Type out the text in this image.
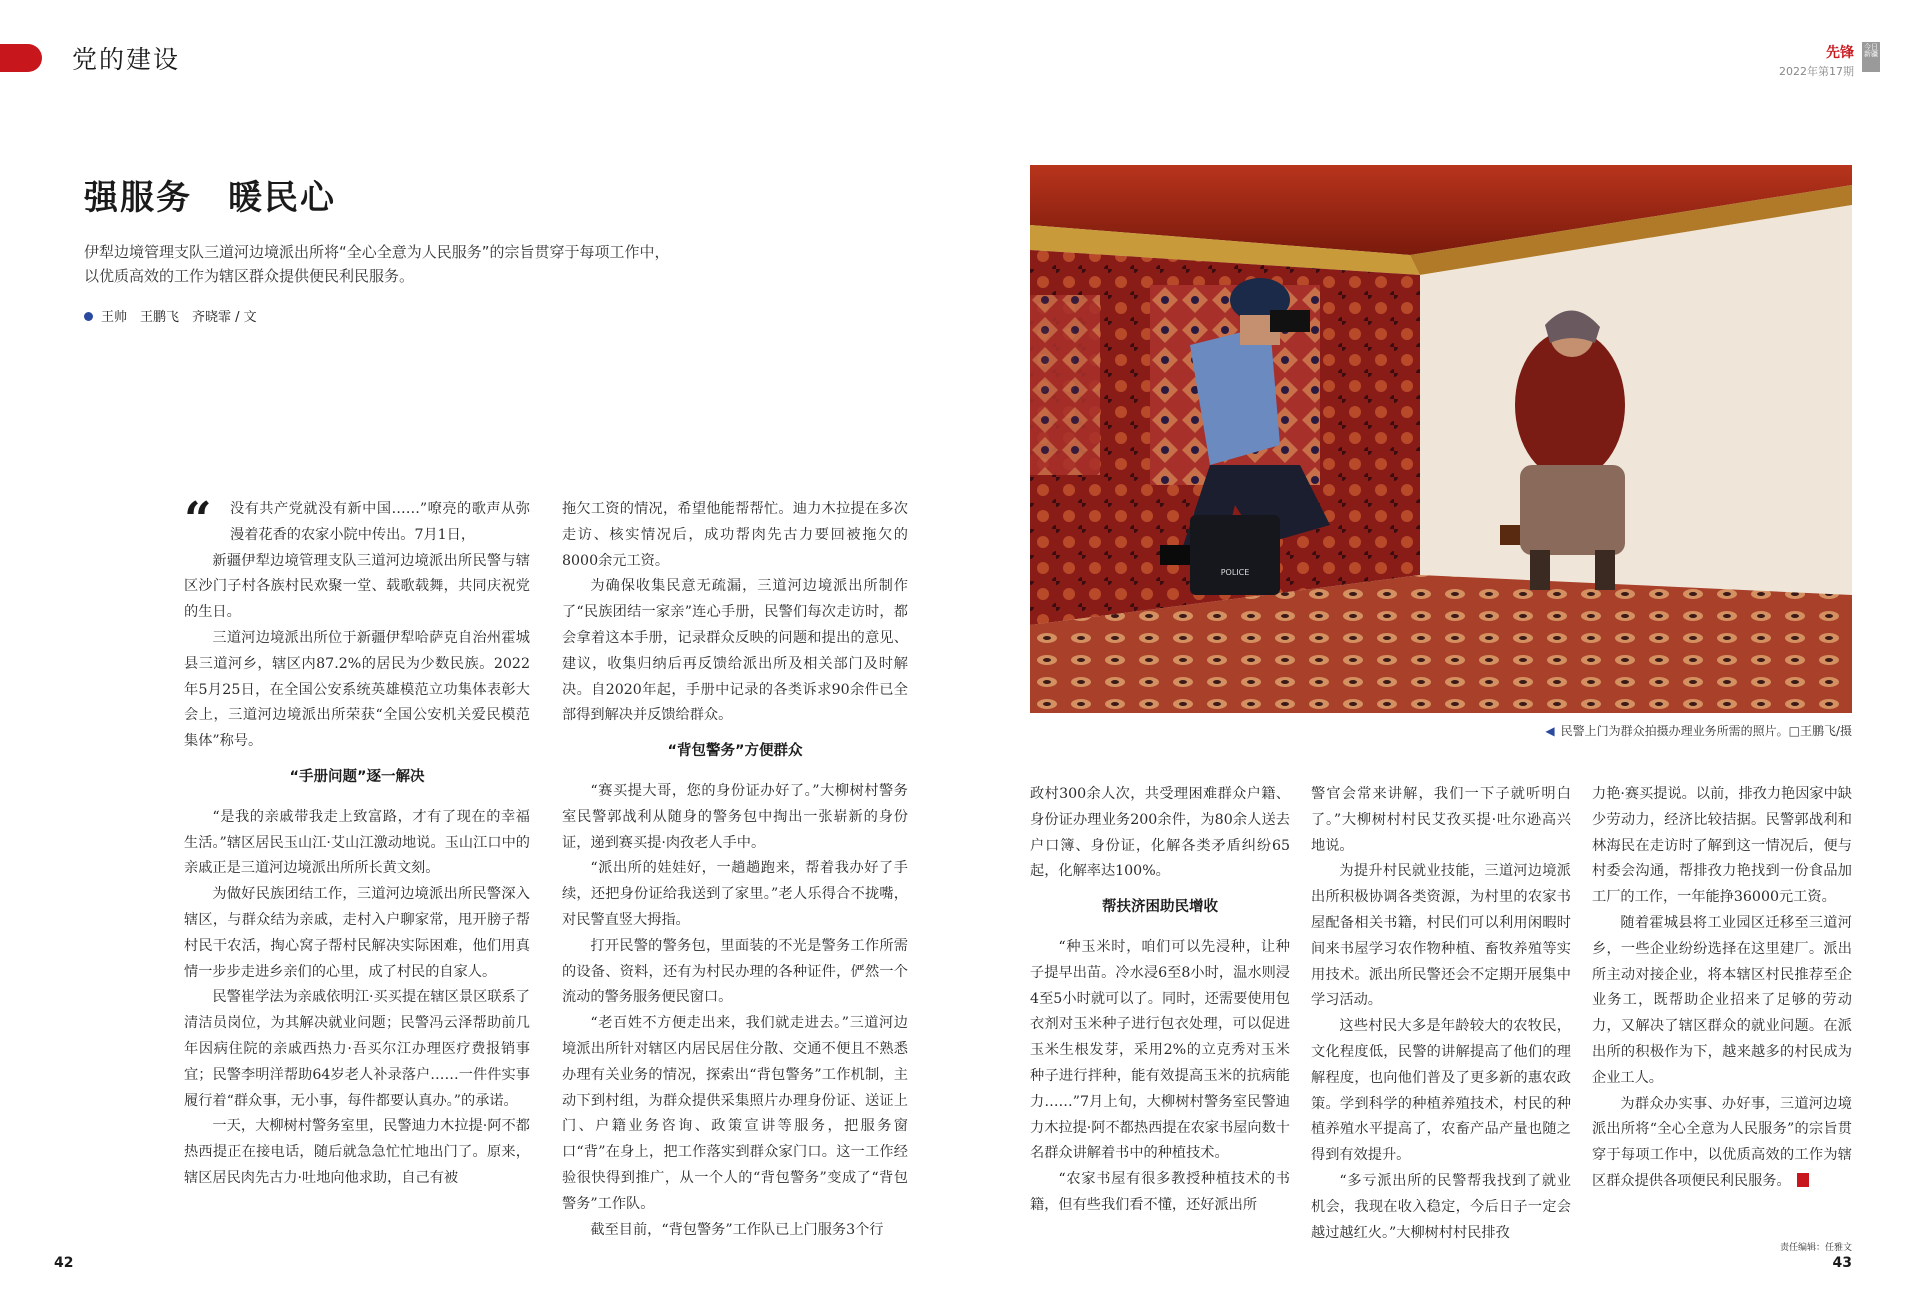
党的建设	先锋
2022年第17期
今日新疆
强服务　暖民心
伊犁边境管理支队三道河边境派出所将“全心全意为人民服务”的宗旨贯穿于每项工作中，以优质高效的工作为辖区群众提供便民利民服务。
王帅　王鹏飞　齐晓霏 / 文
“	没有共产党就没有新中国……”嘹亮的歌声从弥漫着花香的农家小院中传出。7月1日，

新疆伊犁边境管理支队三道河边境派出所民警与辖区沙门子村各族村民欢聚一堂、载歌载舞，共同庆祝党的生日。

三道河边境派出所位于新疆伊犁哈萨克自治州霍城县三道河乡，辖区内87.2%的居民为少数民族。2022年5月25日，在全国公安系统英雄模范立功集体表彰大会上，三道河边境派出所荣获“全国公安机关爱民模范集体”称号。

“手册问题”逐一解决

“是我的亲戚带我走上致富路，才有了现在的幸福生活。”辖区居民玉山江·艾山江激动地说。玉山江口中的亲戚正是三道河边境派出所所长黄文刻。

为做好民族团结工作，三道河边境派出所民警深入辖区，与群众结为亲戚，走村入户聊家常，甩开膀子帮村民干农活，掏心窝子帮村民解决实际困难，他们用真情一步步走进乡亲们的心里，成了村民的自家人。

民警崔学法为亲戚依明江·买买提在辖区景区联系了清洁员岗位，为其解决就业问题；民警冯云泽帮助前几年因病住院的亲戚西热力·吾买尔江办理医疗费报销事宜；民警李明洋帮助64岁老人补录落户……一件件实事履行着“群众事，无小事，每件都要认真办。”的承诺。

一天，大柳树村警务室里，民警迪力木拉提·阿不都热西提正在接电话，随后就急急忙忙地出门了。原来，辖区居民肉先古力·吐地向他求助，自己有被

拖欠工资的情况，希望他能帮帮忙。迪力木拉提在多次走访、核实情况后，成功帮肉先古力要回被拖欠的8000余元工资。

为确保收集民意无疏漏，三道河边境派出所制作了“民族团结一家亲”连心手册，民警们每次走访时，都会拿着这本手册，记录群众反映的问题和提出的意见、建议，收集归纳后再反馈给派出所及相关部门及时解决。自2020年起，手册中记录的各类诉求90余件已全部得到解决并反馈给群众。

“背包警务”方便群众

“赛买提大哥，您的身份证办好了。”大柳树村警务室民警郭战利从随身的警务包中掏出一张崭新的身份证，递到赛买提·肉孜老人手中。

“派出所的娃娃好，一趟趟跑来，帮着我办好了手续，还把身份证给我送到了家里。”老人乐得合不拢嘴，对民警直竖大拇指。

打开民警的警务包，里面装的不光是警务工作所需的设备、资料，还有为村民办理的各种证件，俨然一个流动的警务服务便民窗口。

“老百姓不方便走出来，我们就走进去。”三道河边境派出所针对辖区内居民居住分散、交通不便且不熟悉办理有关业务的情况，探索出“背包警务”工作机制，主动下到村组，为群众提供采集照片办理身份证、送证上门、户籍业务咨询、政策宣讲等服务，把服务窗口“背”在身上，把工作落实到群众家门口。这一工作经验很快得到推广，从一个人的“背包警务”变成了“背包警务”工作队。

截至目前，“背包警务”工作队已上门服务3个行

POLICE
◀ 民警上门为群众拍摄办理业务所需的照片。□王鹏飞/摄

政村300余人次，共受理困难群众户籍、身份证办理业务200余件，为80余人送去户口簿、身份证，化解各类矛盾纠纷65起，化解率达100%。

帮扶济困助民增收

“种玉米时，咱们可以先浸种，让种子提早出苗。冷水浸6至8小时，温水则浸4至5小时就可以了。同时，还需要使用包衣剂对玉米种子进行包衣处理，可以促进玉米生根发芽，采用2%的立克秀对玉米种子进行拌种，能有效提高玉米的抗病能力……”7月上旬，大柳树村警务室民警迪力木拉提·阿不都热西提在农家书屋向数十名群众讲解着书中的种植技术。

“农家书屋有很多教授种植技术的书籍，但有些我们看不懂，还好派出所

警官会常来讲解，我们一下子就听明白了。”大柳树村村民艾孜买提·吐尔逊高兴地说。

为提升村民就业技能，三道河边境派出所积极协调各类资源，为村里的农家书屋配备相关书籍，村民们可以利用闲暇时间来书屋学习农作物种植、畜牧养殖等实用技术。派出所民警还会不定期开展集中学习活动。

这些村民大多是年龄较大的农牧民，文化程度低，民警的讲解提高了他们的理解程度，也向他们普及了更多新的惠农政策。学到科学的种植养殖技术，村民的种植养殖水平提高了，农畜产品产量也随之得到有效提升。

“多亏派出所的民警帮我找到了就业机会，我现在收入稳定，今后日子一定会越过越红火。”大柳树村村民排孜

力艳·赛买提说。以前，排孜力艳因家中缺少劳动力，经济比较拮据。民警郭战利和林海民在走访时了解到这一情况后，便与村委会沟通，帮排孜力艳找到一份食品加工厂的工作，一年能挣36000元工资。

随着霍城县将工业园区迁移至三道河乡，一些企业纷纷选择在这里建厂。派出所主动对接企业，将本辖区村民推荐至企业务工，既帮助企业招来了足够的劳动力，又解决了辖区群众的就业问题。在派出所的积极作为下，越来越多的村民成为企业工人。

为群众办实事、办好事，三道河边境派出所将“全心全意为人民服务”的宗旨贯穿于每项工作中，以优质高效的工作为辖区群众提供各项便民利民服务。

42	43
责任编辑：任雅文
